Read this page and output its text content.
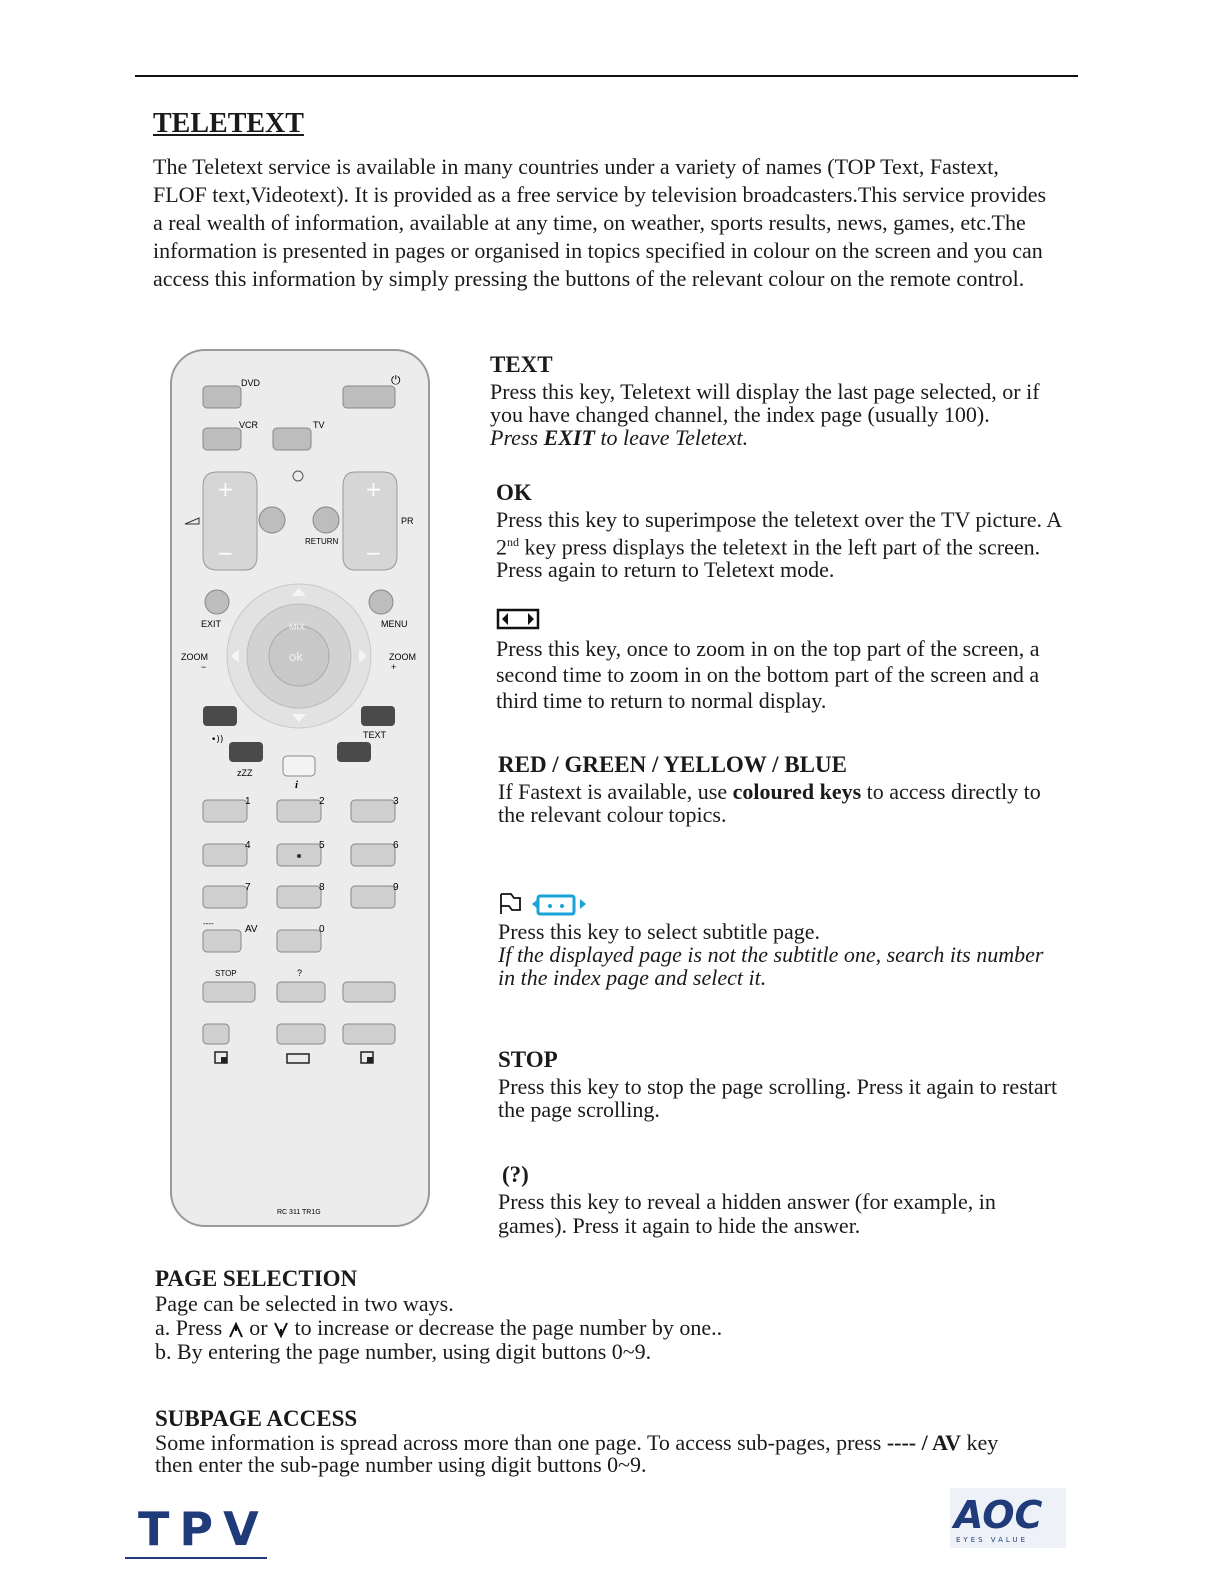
TELETEXT

The Teletext service is available in many countries under a variety of names (TOP Text, Fastext, FLOF text,Videotext). It is provided as a free service by television broadcasters.This service provides a real wealth of information, available at any time, on weather, sports results, news, games, etc.The information is presented in pages or organised in topics specified in colour on the screen and you can access this information by simply pressing the buttons of the relevant colour on the remote control.

DVD	⏻
VCR	TV
+
−
+
−
PR
RETURN
EXIT	MENU
ok
MIX
ZOOM
−
ZOOM
+
•))	TEXT
zZZ
i
1	2	3
4	5	6
7	8	9
----
AV	0
STOP	?
RC 311 TR1G
TEXT

Press this key, Teletext will display the last page selected, or if you have changed channel, the index page (usually 100).

Press EXIT to leave Teletext.

OK

Press this key to superimpose the teletext over the TV picture. A 2nd key press displays the teletext in the left part of the screen. Press again to return to Teletext mode.

Press this key, once to zoom in on the top part of the screen, a second time to zoom in on the bottom part of the screen and a third time to return to normal display.

RED / GREEN / YELLOW / BLUE

If Fastext is available, use coloured keys to access directly to the relevant colour topics.

Press this key to select subtitle page.

If the displayed page is not the subtitle one, search its number in the index page and select it.

STOP

Press this key to stop the page scrolling. Press it again to restart the page scrolling.

(?)

Press this key to reveal a hidden answer (for example, in games). Press it again to hide the answer.

PAGE SELECTION

Page can be selected in two ways.

a. Press  or  to increase or decrease the page number by one..

b. By entering the page number, using digit buttons 0~9.

SUBPAGE ACCESS

Some information is spread across more than one page. To access sub-pages, press ---- / AV key then enter the sub-page number using digit buttons 0~9.

TPV	AOC
EYES VALUE
